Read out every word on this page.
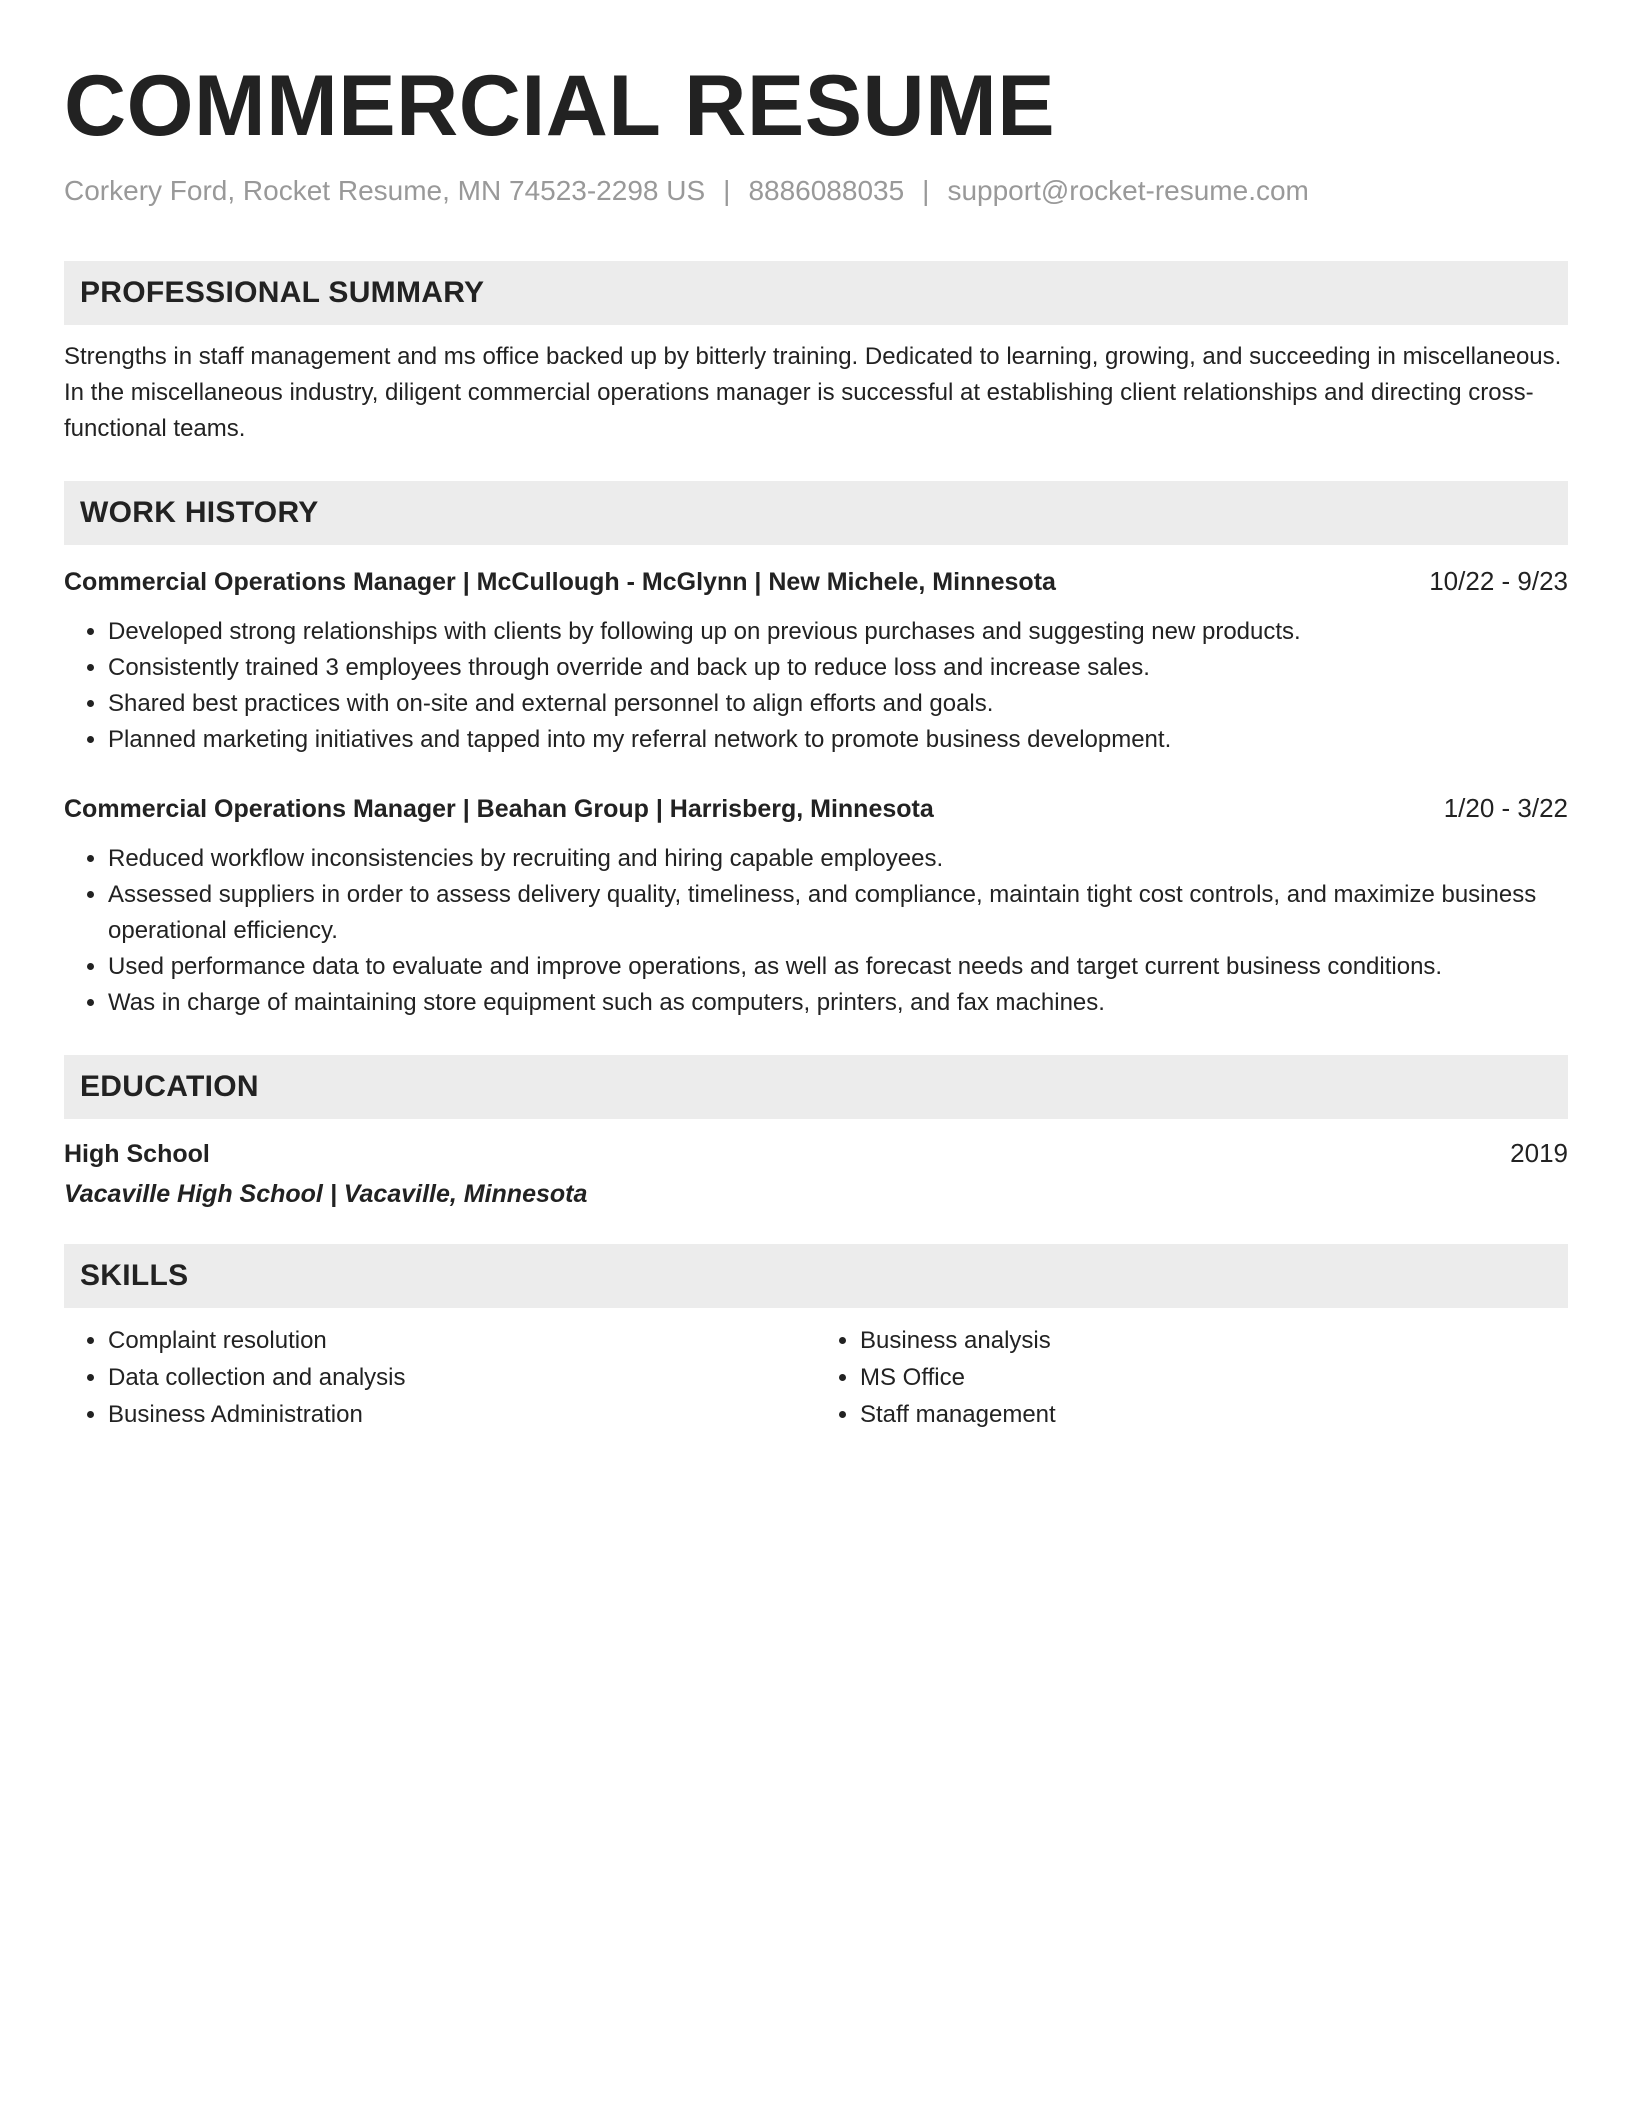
COMMERCIAL RESUME
Corkery Ford, Rocket Resume, MN 74523-2298 US | 8886088035 | support@rocket-resume.com
PROFESSIONAL SUMMARY
Strengths in staff management and ms office backed up by bitterly training. Dedicated to learning, growing, and succeeding in miscellaneous. In the miscellaneous industry, diligent commercial operations manager is successful at establishing client relationships and directing cross-functional teams.
WORK HISTORY
Commercial Operations Manager | McCullough - McGlynn | New Michele, Minnesota	10/22 - 9/23
• Developed strong relationships with clients by following up on previous purchases and suggesting new products.
• Consistently trained 3 employees through override and back up to reduce loss and increase sales.
• Shared best practices with on-site and external personnel to align efforts and goals.
• Planned marketing initiatives and tapped into my referral network to promote business development.
Commercial Operations Manager | Beahan Group | Harrisberg, Minnesota	1/20 - 3/22
• Reduced workflow inconsistencies by recruiting and hiring capable employees.
• Assessed suppliers in order to assess delivery quality, timeliness, and compliance, maintain tight cost controls, and maximize business operational efficiency.
• Used performance data to evaluate and improve operations, as well as forecast needs and target current business conditions.
• Was in charge of maintaining store equipment such as computers, printers, and fax machines.
EDUCATION
High School	2019
Vacaville High School | Vacaville, Minnesota
SKILLS
• Complaint resolution
• Data collection and analysis
• Business Administration
• Business analysis
• MS Office
• Staff management
